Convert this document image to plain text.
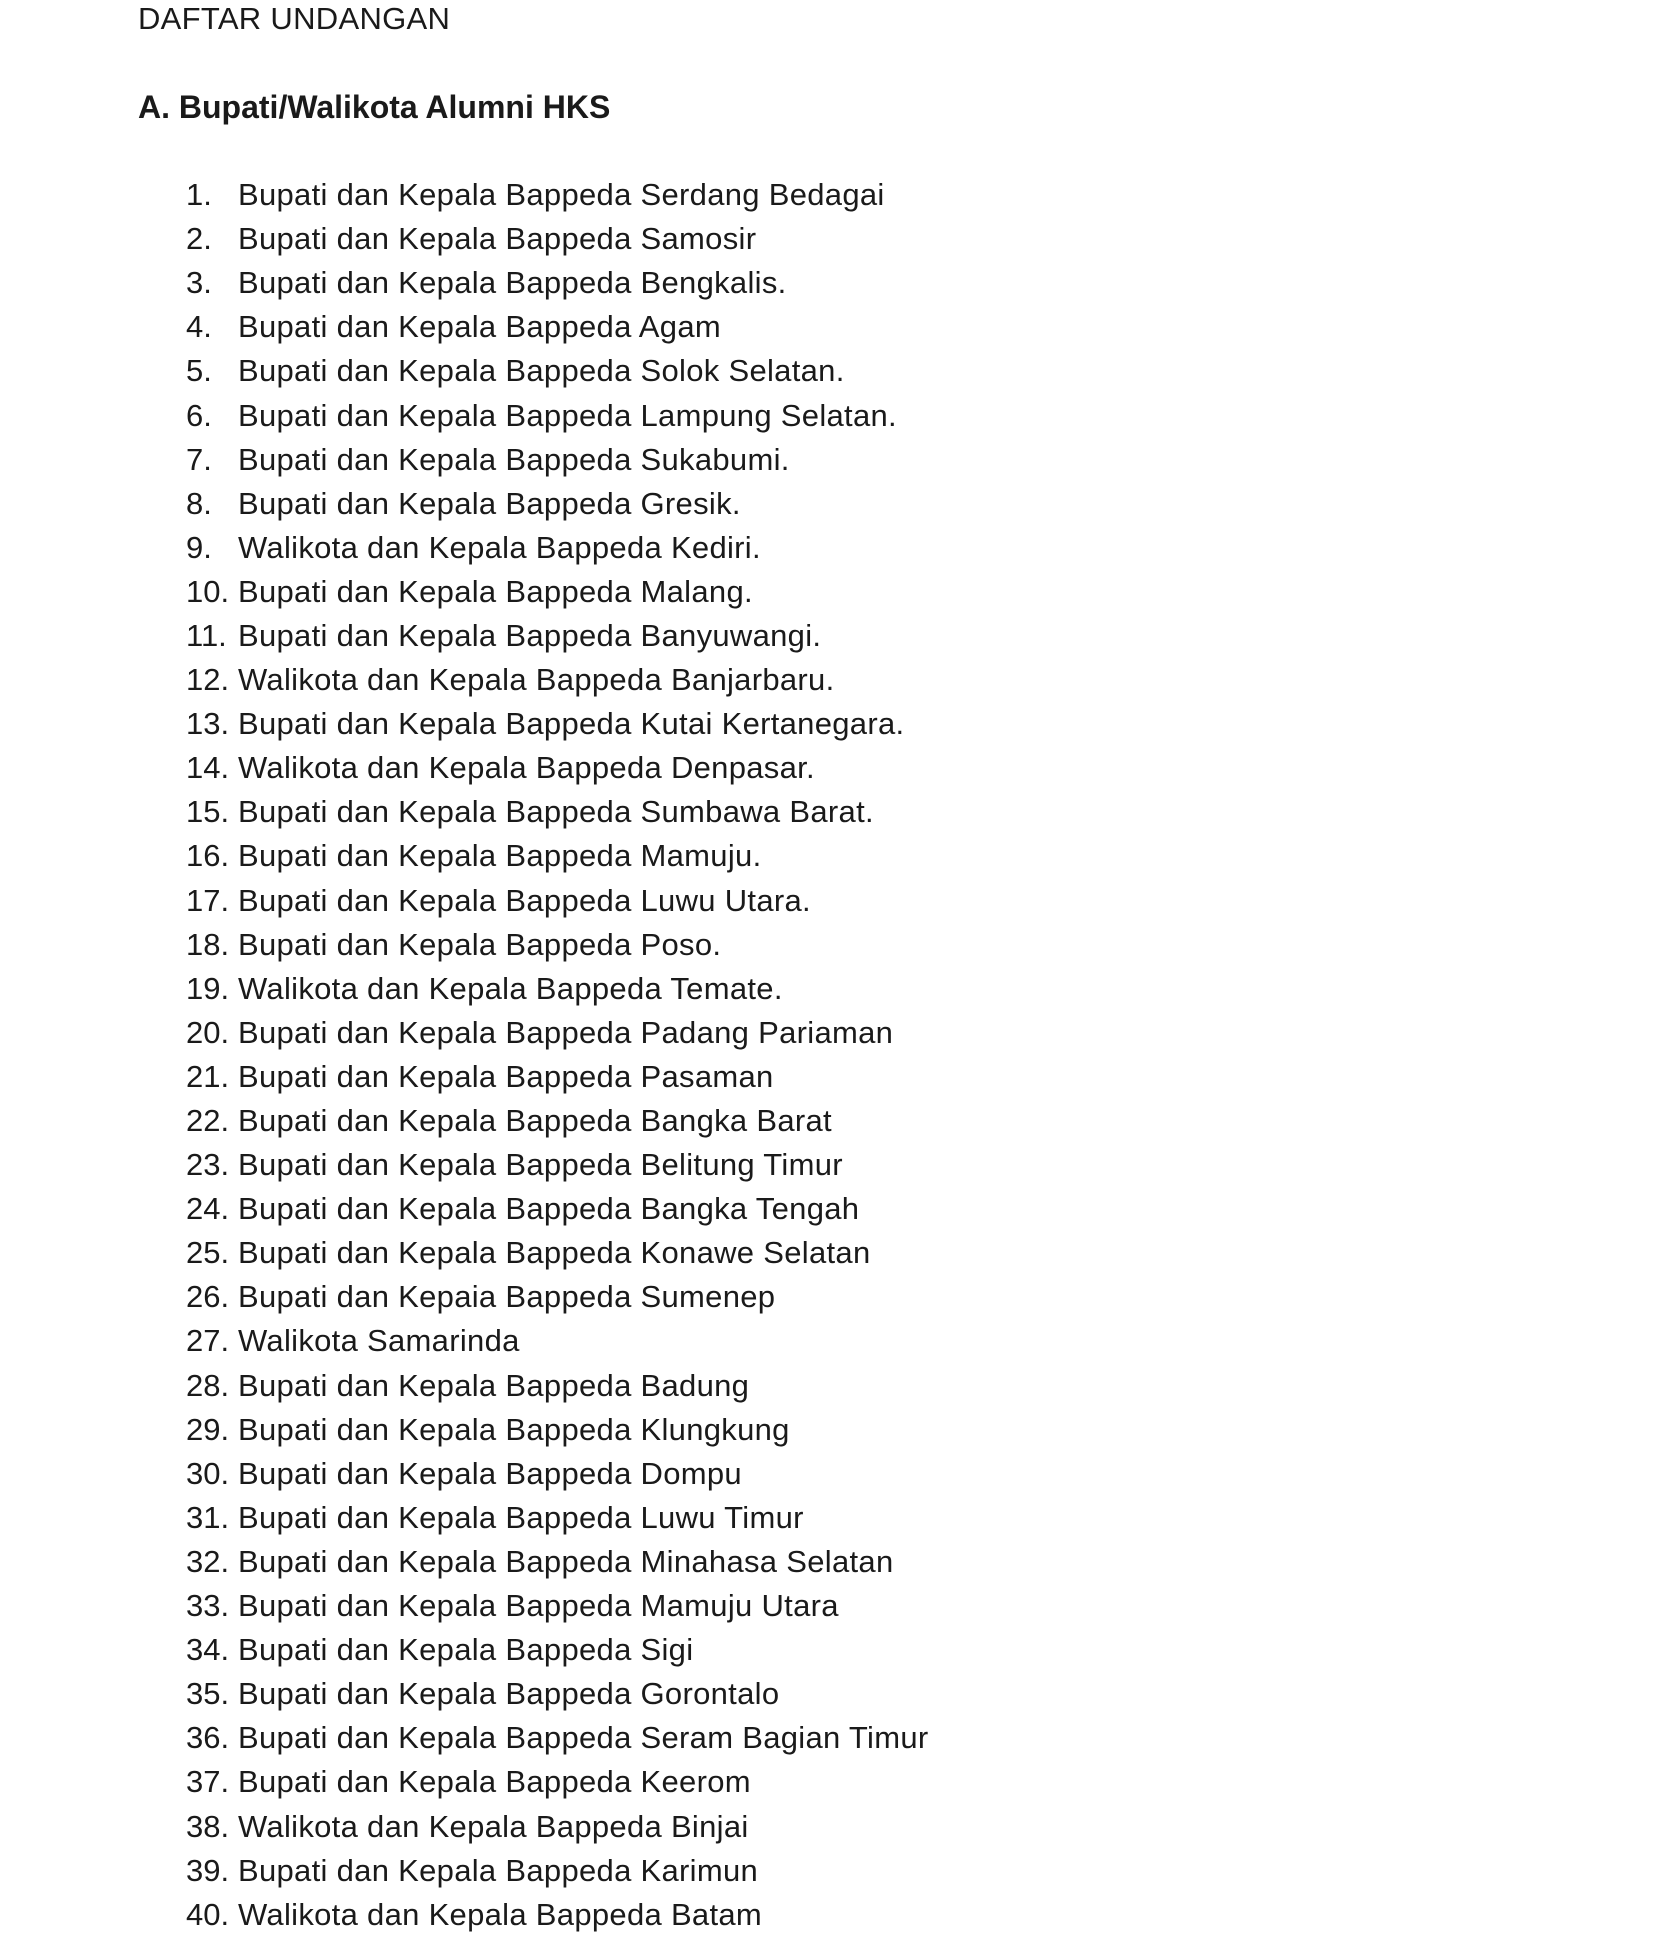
DAFTAR UNDANGAN
A. Bupati/Walikota Alumni HKS
1. Bupati dan Kepala Bappeda Serdang Bedagai
2. Bupati dan Kepala Bappeda Samosir
3. Bupati dan Kepala Bappeda Bengkalis.
4. Bupati dan Kepala Bappeda Agam
5. Bupati dan Kepala Bappeda Solok Selatan.
6. Bupati dan Kepala Bappeda Lampung Selatan.
7. Bupati dan Kepala Bappeda Sukabumi.
8. Bupati dan Kepala Bappeda Gresik.
9. Walikota dan Kepala Bappeda Kediri.
10. Bupati dan Kepala Bappeda Malang.
11. Bupati dan Kepala Bappeda Banyuwangi.
12. Walikota dan Kepala Bappeda Banjarbaru.
13. Bupati dan Kepala Bappeda Kutai Kertanegara.
14. Walikota dan Kepala Bappeda Denpasar.
15. Bupati dan Kepala Bappeda Sumbawa Barat.
16. Bupati dan Kepala Bappeda Mamuju.
17. Bupati dan Kepala Bappeda Luwu Utara.
18. Bupati dan Kepala Bappeda Poso.
19. Walikota dan Kepala Bappeda Temate.
20. Bupati dan Kepala Bappeda Padang Pariaman
21. Bupati dan Kepala Bappeda Pasaman
22. Bupati dan Kepala Bappeda Bangka Barat
23. Bupati dan Kepala Bappeda Belitung Timur
24. Bupati dan Kepala Bappeda Bangka Tengah
25. Bupati dan Kepala Bappeda Konawe Selatan
26. Bupati dan Kepaia Bappeda Sumenep
27. Walikota Samarinda
28. Bupati dan Kepala Bappeda Badung
29. Bupati dan Kepala Bappeda Klungkung
30. Bupati dan Kepala Bappeda Dompu
31. Bupati dan Kepala Bappeda Luwu Timur
32. Bupati dan Kepala Bappeda Minahasa Selatan
33. Bupati dan Kepala Bappeda Mamuju Utara
34. Bupati dan Kepala Bappeda Sigi
35. Bupati dan Kepala Bappeda Gorontalo
36. Bupati dan Kepala Bappeda Seram Bagian Timur
37. Bupati dan Kepala Bappeda Keerom
38. Walikota dan Kepala Bappeda Binjai
39. Bupati dan Kepala Bappeda Karimun
40. Walikota dan Kepala Bappeda Batam
